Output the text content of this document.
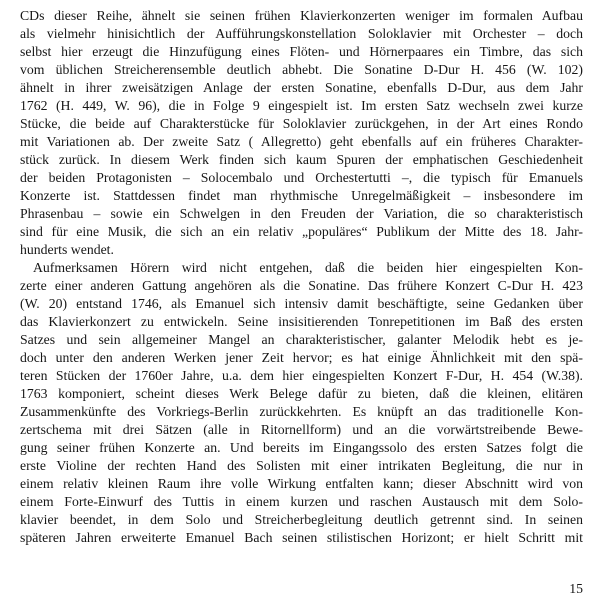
CDs dieser Reihe, ähnelt sie seinen frühen Klavierkonzerten weniger im formalen Aufbau
als vielmehr hinisichtlich der Aufführungskonstellation Soloklavier mit Orchester – doch
selbst hier erzeugt die Hinzufügung eines Flöten- und Hörnerpaares ein Timbre, das sich
vom üblichen Streicherensemble deutlich abhebt. Die Sonatine D-Dur H. 456 (W. 102)
ähnelt in ihrer zweisätzigen Anlage der ersten Sonatine, ebenfalls D-Dur, aus dem Jahr
1762 (H. 449, W. 96), die in Folge 9 eingespielt ist. Im ersten Satz wechseln zwei kurze
Stücke, die beide auf Charakterstücke für Soloklavier zurückgehen, in der Art eines Rondo
mit Variationen ab. Der zweite Satz ( Allegretto) geht ebenfalls auf ein früheres Charakter-
stück zurück. In diesem Werk finden sich kaum Spuren der emphatischen Geschiedenheit
der beiden Protagonisten – Solocembalo und Orchestertutti –, die typisch für Emanuels
Konzerte ist. Stattdessen findet man rhythmische Unregelmäßigkeit – insbesondere im
Phrasenbau – sowie ein Schwelgen in den Freuden der Variation, die so charakteristisch
sind für eine Musik, die sich an ein relativ „populäres“ Publikum der Mitte des 18. Jahr-
hunderts wendet.
Aufmerksamen Hörern wird nicht entgehen, daß die beiden hier eingespielten Kon-
zerte einer anderen Gattung angehören als die Sonatine. Das frühere Konzert C-Dur H. 423
(W. 20) entstand 1746, als Emanuel sich intensiv damit beschäftigte, seine Gedanken über
das Klavierkonzert zu entwickeln. Seine insisitierenden Tonrepetitionen im Baß des ersten
Satzes und sein allgemeiner Mangel an charakteristischer, galanter Melodik hebt es je-
doch unter den anderen Werken jener Zeit hervor; es hat einige Ähnlichkeit mit den spä-
teren Stücken der 1760er Jahre, u.a. dem hier eingespielten Konzert F-Dur, H. 454 (W.38).
1763 komponiert, scheint dieses Werk Belege dafür zu bieten, daß die kleinen, elitären
Zusammenkünfte des Vorkriegs-Berlin zurückkehrten. Es knüpft an das traditionelle Kon-
zertschema mit drei Sätzen (alle in Ritornellform) und an die vorwärtstreibende Bewe-
gung seiner frühen Konzerte an. Und bereits im Eingangssolo des ersten Satzes folgt die
erste Violine der rechten Hand des Solisten mit einer intrikaten Begleitung, die nur in
einem relativ kleinen Raum ihre volle Wirkung entfalten kann; dieser Abschnitt wird von
einem Forte-Einwurf des Tuttis in einem kurzen und raschen Austausch mit dem Solo-
klavier beendet, in dem Solo und Streicherbegleitung deutlich getrennt sind. In seinen
späteren Jahren erweiterte Emanuel Bach seinen stilistischen Horizont; er hielt Schritt mit
15
